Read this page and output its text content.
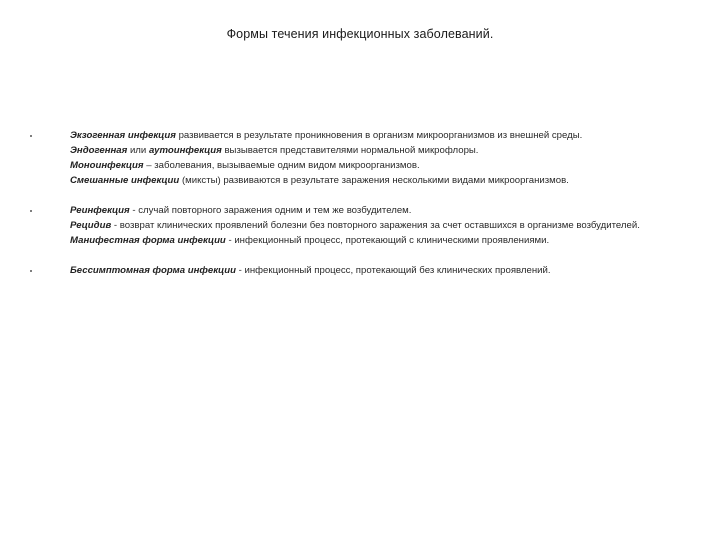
Формы течения инфекционных заболеваний.
Экзогенная инфекция развивается в результате проникновения в организм микроорганизмов из внешней среды.
Эндогенная или аутоинфекция вызывается представителями нормальной микрофлоры.
Моноинфекция – заболевания, вызываемые одним видом микроорганизмов.
Смешанные инфекции (миксты) развиваются в результате заражения несколькими видами микроорганизмов.
Реинфекция - случай повторного заражения одним и тем же возбудителем.
Рецидив - возврат клинических проявлений болезни без повторного заражения за счет оставшихся в организме возбудителей.
Манифестная форма инфекции - инфекционный процесс, протекающий с клиническими проявлениями.
Бессимптомная форма инфекции - инфекционный процесс, протекающий без клинических проявлений.
